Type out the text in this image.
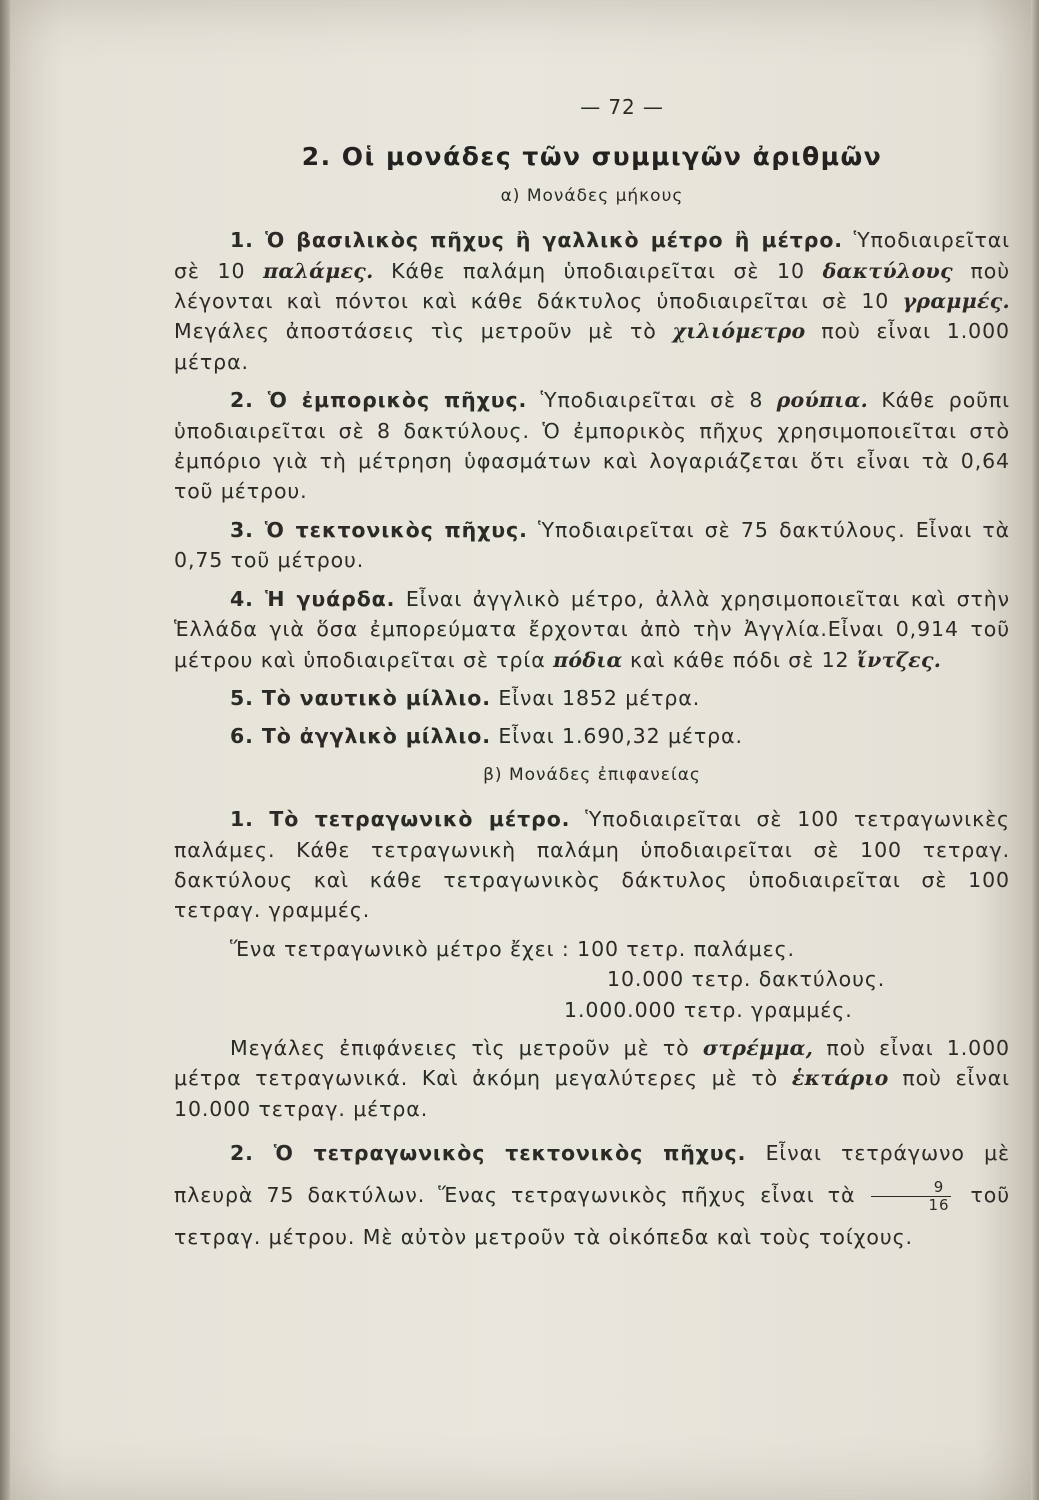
— 72 —
2. Οἱ μονάδες τῶν συμμιγῶν ἀριθμῶν
α) Μονάδες μήκους

1. Ὁ βασιλικὸς πῆχυς ἢ γαλλικὸ μέτρο ἢ μέτρο. Ὑποδιαιρεῖται σὲ 10 παλάμες. Κάθε παλάμη ὑποδιαιρεῖται σὲ 10 δακτύλους ποὺ λέγονται καὶ πόντοι καὶ κάθε δάκτυλος ὑποδιαιρεῖται σὲ 10 γραμμές. Μεγάλες ἀποστάσεις τὶς μετροῦν μὲ τὸ χιλιόμετρο ποὺ εἶναι 1.000 μέτρα.

2. Ὁ ἐμπορικὸς πῆχυς. Ὑποδιαιρεῖται σὲ 8 ρούπια. Κάθε ροῦπι ὑποδιαιρεῖται σὲ 8 δακτύλους. Ὁ ἐμπορικὸς πῆχυς χρησιμοποιεῖται στὸ ἐμπόριο γιὰ τὴ μέτρηση ὑφασμάτων καὶ λογαριάζεται ὅτι εἶναι τὰ 0,64 τοῦ μέτρου.

3. Ὁ τεκτονικὸς πῆχυς. Ὑποδιαιρεῖται σὲ 75 δακτύλους. Εἶναι τὰ 0,75 τοῦ μέτρου.

4. Ἡ γυάρδα. Εἶναι ἀγγλικὸ μέτρο, ἀλλὰ χρησιμοποιεῖται καὶ στὴν Ἑλλάδα γιὰ ὅσα ἐμπορεύματα ἔρχονται ἀπὸ τὴν Ἀγγλία.Εἶναι 0,914 τοῦ μέτρου καὶ ὑποδιαιρεῖται σὲ τρία πόδια καὶ κάθε πόδι σὲ 12 ἴντζες.

5. Τὸ ναυτικὸ μίλλιο. Εἶναι 1852 μέτρα.

6. Τὸ ἀγγλικὸ μίλλιο. Εἶναι 1.690,32 μέτρα.

β) Μονάδες ἐπιφανείας

1. Τὸ τετραγωνικὸ μέτρο. Ὑποδιαιρεῖται σὲ 100 τετραγωνικὲς παλάμες. Κάθε τετραγωνικὴ παλάμη ὑποδιαιρεῖται σὲ 100 τετραγ. δακτύλους καὶ κάθε τετραγωνικὸς δάκτυλος ὑποδιαιρεῖται σὲ 100 τετραγ. γραμμές.

Ἕνα τετραγωνικὸ μέτρο ἔχει : 100 τετρ. παλάμες.
10.000 τετρ. δακτύλους.
1.000.000 τετρ. γραμμές.

Μεγάλες ἐπιφάνειες τὶς μετροῦν μὲ τὸ στρέμμα, ποὺ εἶναι 1.000 μέτρα τετραγωνικά. Καὶ ἀκόμη μεγαλύτερες μὲ τὸ ἑκτάριο ποὺ εἶναι 10.000 τετραγ. μέτρα.

2. Ὁ τετραγωνικὸς τεκτονικὸς πῆχυς. Εἶναι τετράγωνο μὲ πλευρὰ 75 δακτύλων. Ἕνας τετραγωνικὸς πῆχυς εἶναι τὰ $\frac{9}{16}$ τοῦ τετραγ. μέτρου. Μὲ αὐτὸν μετροῦν τὰ οἰκόπεδα καὶ τοὺς τοίχους.
